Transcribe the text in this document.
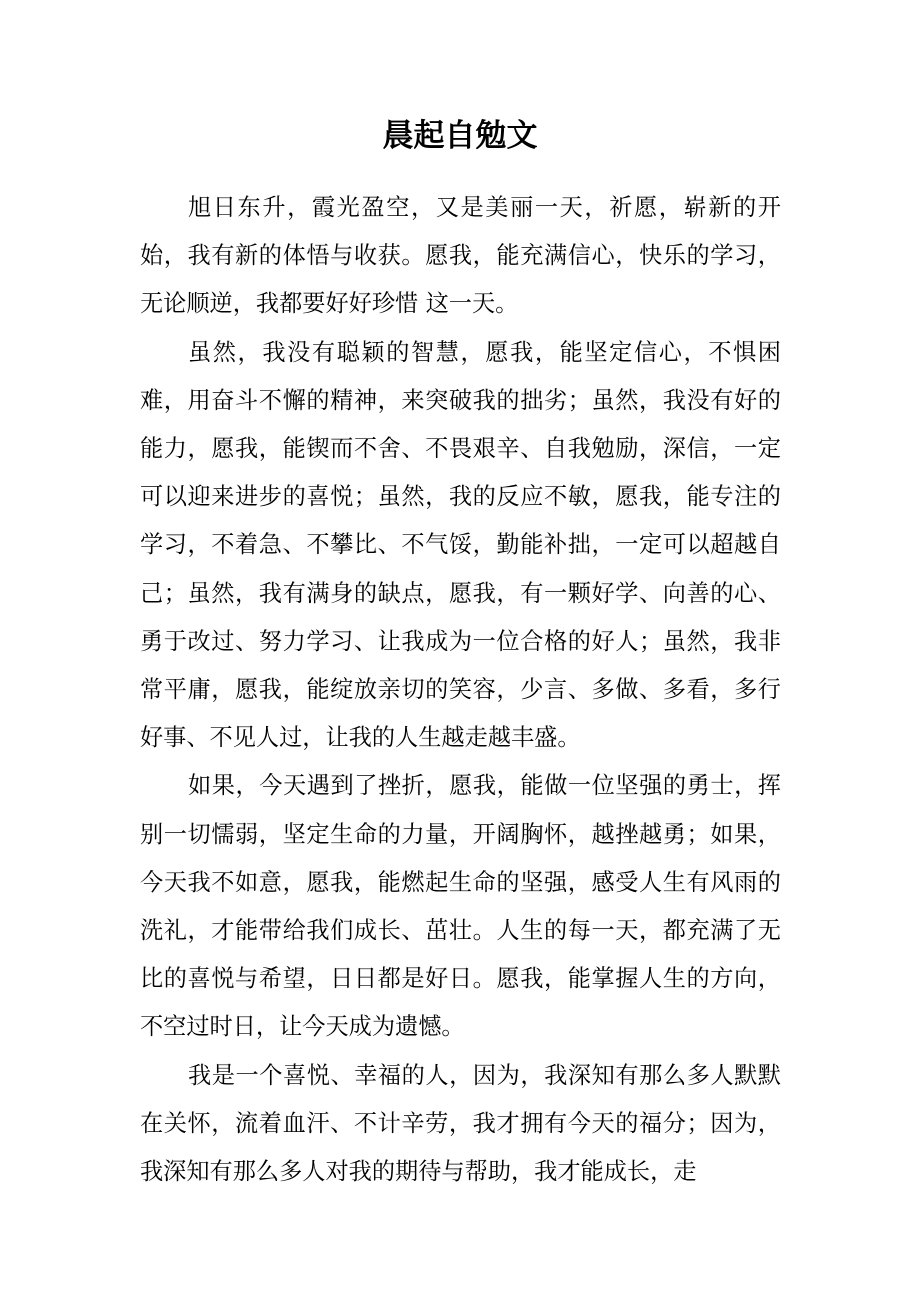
晨起自勉文

旭日东升，霞光盈空，又是美丽一天，祈愿，崭新的开始，我有新的体悟与收获。愿我，能充满信心，快乐的学习，无论顺逆，我都要好好珍惜 这一天。

虽然，我没有聪颖的智慧，愿我，能坚定信心，不惧困难，用奋斗不懈的精神，来突破我的拙劣；虽然，我没有好的能力，愿我，能锲而不舍、不畏艰辛、自我勉励，深信，一定可以迎来进步的喜悦；虽然，我的反应不敏，愿我，能专注的学习，不着急、不攀比、不气馁，勤能补拙，一定可以超越自己；虽然，我有满身的缺点，愿我，有一颗好学、向善的心、勇于改过、努力学习、让我成为一位合格的好人；虽然，我非常平庸，愿我，能绽放亲切的笑容，少言、多做、多看，多行好事、不见人过，让我的人生越走越丰盛。

如果，今天遇到了挫折，愿我，能做一位坚强的勇士，挥别一切懦弱，坚定生命的力量，开阔胸怀，越挫越勇；如果，今天我不如意，愿我，能燃起生命的坚强，感受人生有风雨的洗礼，才能带给我们成长、茁壮。人生的每一天，都充满了无比的喜悦与希望，日日都是好日。愿我，能掌握人生的方向，不空过时日，让今天成为遗憾。

我是一个喜悦、幸福的人，因为，我深知有那么多人默默在关怀，流着血汗、不计辛劳，我才拥有今天的福分；因为，我深知有那么多人对我的期待与帮助，我才能成长，走
